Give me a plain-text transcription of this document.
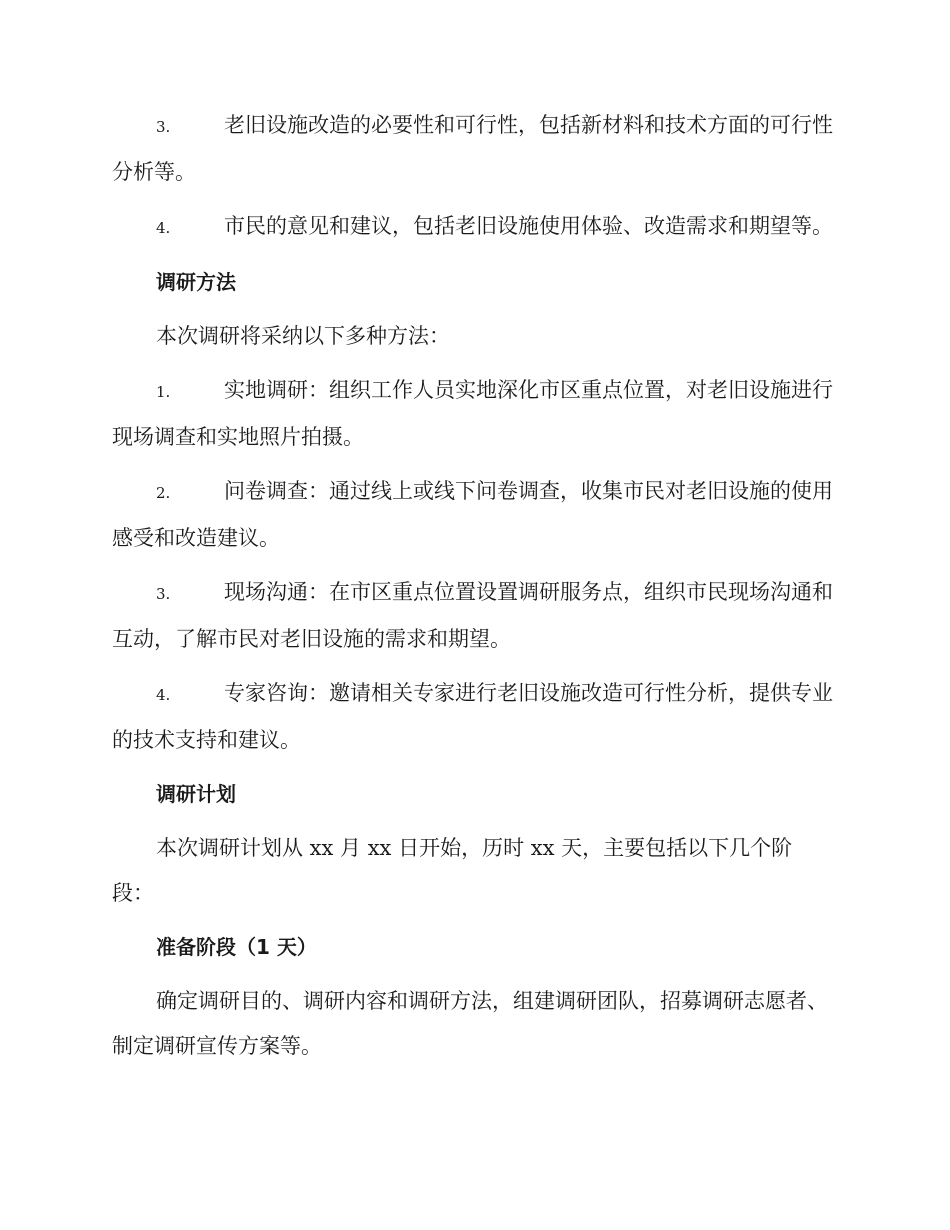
3.	老旧设施改造的必要性和可行性，包括新材料和技术方面的可行性分析等。

4.	市民的意见和建议，包括老旧设施使用体验、改造需求和期望等。

调研方法

本次调研将采纳以下多种方法：

1.	实地调研：组织工作人员实地深化市区重点位置，对老旧设施进行现场调查和实地照片拍摄。

2.	问卷调查：通过线上或线下问卷调查，收集市民对老旧设施的使用感受和改造建议。

3.	现场沟通：在市区重点位置设置调研服务点，组织市民现场沟通和互动，了解市民对老旧设施的需求和期望。

4.	专家咨询：邀请相关专家进行老旧设施改造可行性分析，提供专业的技术支持和建议。

调研计划

本次调研计划从 xx 月 xx 日开始，历时 xx 天，主要包括以下几个阶段：

准备阶段（1 天）

确定调研目的、调研内容和调研方法，组建调研团队，招募调研志愿者、制定调研宣传方案等。
